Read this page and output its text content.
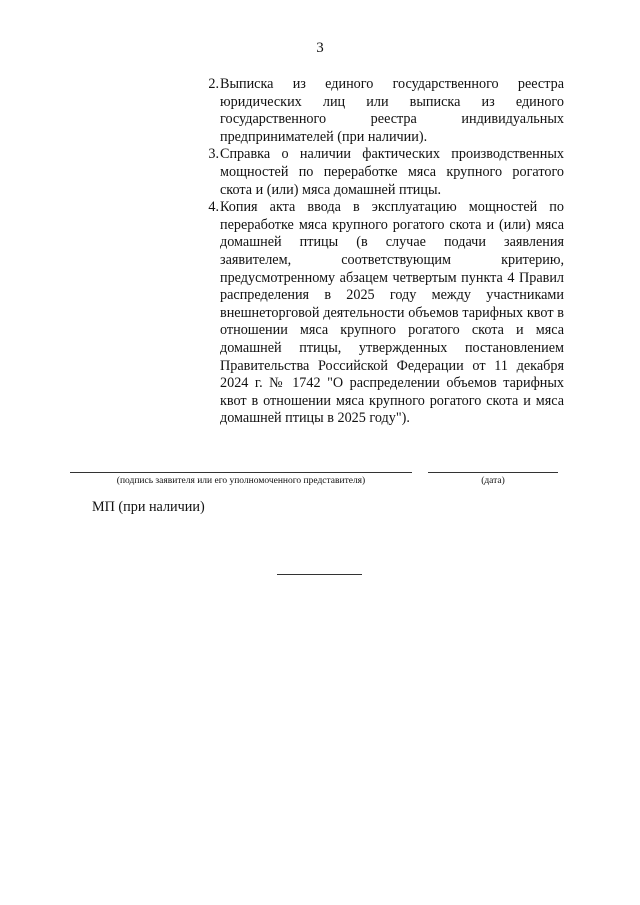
3
2. Выписка из единого государственного реестра юридических лиц или выписка из единого государственного реестра индивидуальных предпринимателей (при наличии).

3. Справка о наличии фактических производственных мощностей по переработке мяса крупного рогатого скота и (или) мяса домашней птицы.

4. Копия акта ввода в эксплуатацию мощностей по переработке мяса крупного рогатого скота и (или) мяса домашней птицы (в случае подачи заявления заявителем, соответствующим критерию, предусмотренному абзацем четвертым пункта 4 Правил распределения в 2025 году между участниками внешнеторговой деятельности объемов тарифных квот в отношении мяса крупного рогатого скота и мяса домашней птицы, утвержденных постановлением Правительства Российской Федерации от 11 декабря 2024 г. № 1742 "О распределении объемов тарифных квот в отношении мяса крупного рогатого скота и мяса домашней птицы в 2025 году").

(подпись заявителя или его уполномоченного представителя)	(дата)
МП (при наличии)
